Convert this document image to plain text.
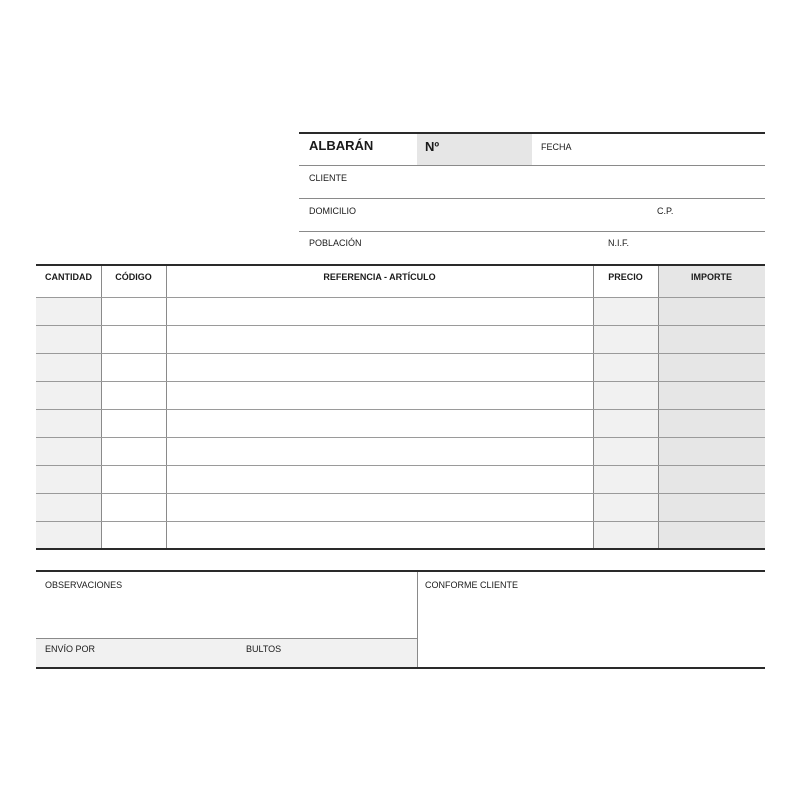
ALBARÁN	Nº	FECHA
CLIENTE
DOMICILIO	C.P.
POBLACIÓN	N.I.F.
CANTIDAD	CÓDIGO	REFERENCIA - ARTÍCULO	PRECIO	IMPORTE
OBSERVACIONES	CONFORME CLIENTE
ENVÍO POR	BULTOS
